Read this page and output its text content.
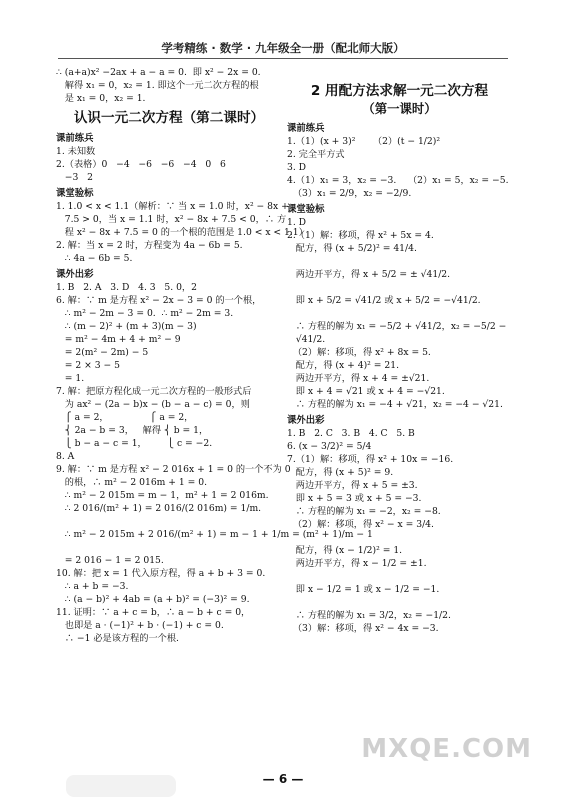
学考精练 · 数学 · 九年级全一册（配北师大版）
∴ (a+a)x² −2ax + a − a = 0.  即 x² − 2x = 0.
解得 x₁ = 0，x₂ = 1. 即这个一元二次方程的根
是 x₁ = 0，x₂ = 1.
认识一元二次方程（第二课时）
课前练兵
1. 未知数
2.（表格）0   −4   −6   −6   −4   0   6
−3   2
课堂验标
1. 1.0 < x < 1.1（解析：∵ 当 x = 1.0 时，x² − 8x +
7.5 > 0，当 x = 1.1 时，x² − 8x + 7.5 < 0，∴ 方
程 x² − 8x + 7.5 = 0 的一个根的范围是 1.0 < x < 1.1）
2. 解：当 x = 2 时，方程变为 4a − 6b = 5.
∴ 4a − 6b = 5.
课外出彩
1. B   2. A   3. D   4. 3   5. 0，2
6. 解：∵ m 是方程 x² − 2x − 3 = 0 的一个根，
∴ m² − 2m − 3 = 0.  ∴ m² − 2m = 3.
∴ (m − 2)² + (m + 3)(m − 3)
= m² − 4m + 4 + m² − 9
= 2(m² − 2m) − 5
= 2 × 3 − 5
= 1.
7. 解：把原方程化成一元二次方程的一般形式后
为 ax² − (2a − b)x − (b − a − c) = 0，则
⎧ a = 2，              ⎧ a = 2，
⎨ 2a − b = 3，   解得 ⎨ b = 1，
⎩ b − a − c = 1，       ⎩ c = −2.
8. A
9. 解：∵ m 是方程 x² − 2 016x + 1 = 0 的一个不为 0
的根，∴ m² − 2 016m + 1 = 0.
∴ m² − 2 015m = m − 1，m² + 1 = 2 016m.
∴ 2 016/(m² + 1) = 2 016/(2 016m) = 1/m.

∴ m² − 2 015m + 2 016/(m² + 1) = m − 1 + 1/m = (m² + 1)/m − 1

= 2 016 − 1 = 2 015.
10. 解：把 x = 1 代入原方程，得 a + b + 3 = 0.
∴ a + b = −3.
∴ (a − b)² + 4ab = (a + b)² = (−3)² = 9.
11. 证明：∵ a + c = b，∴ a − b + c = 0，
也即是 a · (−1)² + b · (−1) + c = 0.
∴ −1 必是该方程的一个根.
2 用配方法求解一元二次方程
（第一课时）
课前练兵
1.（1）(x + 3)²      （2）(t − 1/2)²
2. 完全平方式
3. D
4.（1）x₁ = 3，x₂ = −3.    （2）x₁ = 5，x₂ = −5.
（3）x₁ = 2/9，x₂ = −2/9.
课堂验标
1. D
2.（1）解：移项，得 x² + 5x = 4.
配方，得 (x + 5/2)² = 41/4.

两边开平方，得 x + 5/2 = ± √41/2.

即 x + 5/2 = √41/2 或 x + 5/2 = −√41/2.

∴ 方程的解为 x₁ = −5/2 + √41/2，x₂ = −5/2 −
√41/2.
（2）解：移项，得 x² + 8x = 5.
配方，得 (x + 4)² = 21.
两边开平方，得 x + 4 = ±√21.
即 x + 4 = √21 或 x + 4 = −√21.
∴ 方程的解为 x₁ = −4 + √21，x₂ = −4 − √21.
课外出彩
1. B   2. C   3. B   4. C   5. B
6. (x − 3/2)² = 5/4
7.（1）解：移项，得 x² + 10x = −16.
配方，得 (x + 5)² = 9.
两边开平方，得 x + 5 = ±3.
即 x + 5 = 3 或 x + 5 = −3.
∴ 方程的解为 x₁ = −2，x₂ = −8.
（2）解：移项，得 x² − x = 3/4.

配方，得 (x − 1/2)² = 1.
两边开平方，得 x − 1/2 = ±1.

即 x − 1/2 = 1 或 x − 1/2 = −1.

∴ 方程的解为 x₁ = 3/2，x₂ = −1/2.
（3）解：移项，得 x² − 4x = −3.
MXQE.COM
— 6 —
